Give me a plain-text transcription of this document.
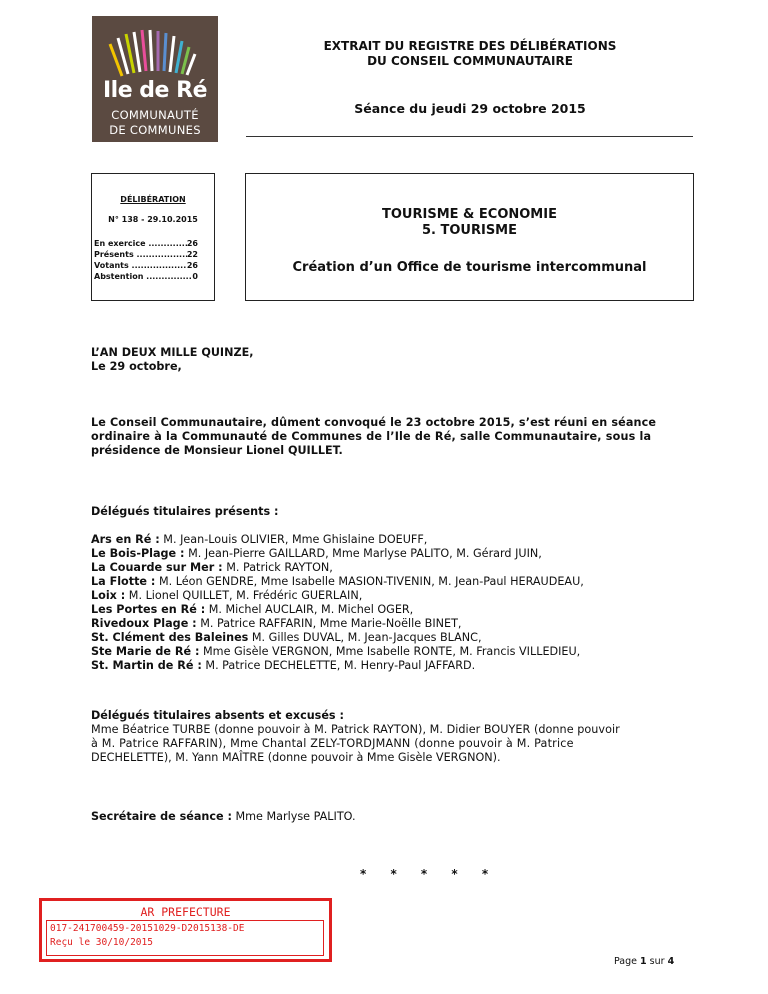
Ile de Ré
COMMUNAUTÉ
DE COMMUNES
EXTRAIT DU REGISTRE DES DÉLIBÉRATIONS
DU CONSEIL COMMUNAUTAIRE
Séance du jeudi 29 octobre 2015
DÉLIBÉRATION
N° 138 - 29.10.2015
En exercice .....	26
Présents .....	22
Votants .....	26
Abstention .....	0
TOURISME & ECONOMIE
5. TOURISME
Création d’un Office de tourisme intercommunal
L’AN DEUX MILLE QUINZE,
Le 29 octobre,
Le Conseil Communautaire, dûment convoqué le 23 octobre 2015, s’est réuni en séance
ordinaire à la Communauté de Communes de l’Ile de Ré, salle Communautaire, sous la
présidence de Monsieur Lionel QUILLET.
Délégués titulaires présents :
Ars en Ré : M. Jean-Louis OLIVIER, Mme Ghislaine DOEUFF,
Le Bois-Plage : M. Jean-Pierre GAILLARD, Mme Marlyse PALITO, M. Gérard JUIN,
La Couarde sur Mer : M. Patrick RAYTON,
La Flotte : M. Léon GENDRE, Mme Isabelle MASION-TIVENIN, M. Jean-Paul HERAUDEAU,
Loix : M. Lionel QUILLET, M. Frédéric GUERLAIN,
Les Portes en Ré : M. Michel AUCLAIR, M. Michel OGER,
Rivedoux Plage : M. Patrice RAFFARIN, Mme Marie-Noëlle BINET,
St. Clément des Baleines M. Gilles DUVAL, M. Jean-Jacques BLANC,
Ste Marie de Ré : Mme Gisèle VERGNON, Mme Isabelle RONTE, M. Francis VILLEDIEU,
St. Martin de Ré : M. Patrice DECHELETTE, M. Henry-Paul JAFFARD.
Délégués titulaires absents et excusés :
Mme Béatrice TURBE (donne pouvoir à M. Patrick RAYTON), M. Didier BOUYER (donne pouvoir
à M. Patrice RAFFARIN), Mme Chantal ZELY-TORDJMANN (donne pouvoir à M. Patrice
DECHELETTE), M. Yann MAÎTRE (donne pouvoir à Mme Gisèle VERGNON).
Secrétaire de séance : Mme Marlyse PALITO.
* * * * *
AR PREFECTURE
017-241700459-20151029-D2015138-DE
Reçu le 30/10/2015
Page 1 sur 4
